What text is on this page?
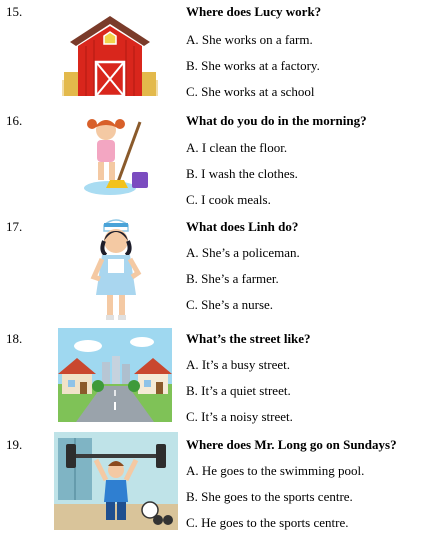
15.	Where does Lucy work?
A. She works on a farm.
B. She works at a factory.
C. She works at a school
16.	What do you do in the morning?
A. I clean the floor.
B. I wash the clothes.
C. I cook meals.
17.	What does Linh do?
A. She’s a policeman.
B. She’s a farmer.
C. She’s a nurse.
18.	What’s the street like?
A. It’s a busy street.
B. It’s a quiet street.
C. It’s a noisy street.
19.	Where does Mr. Long go on Sundays?
A. He goes to the swimming pool.
B. She goes to the sports centre.
C. He goes to the sports centre.
